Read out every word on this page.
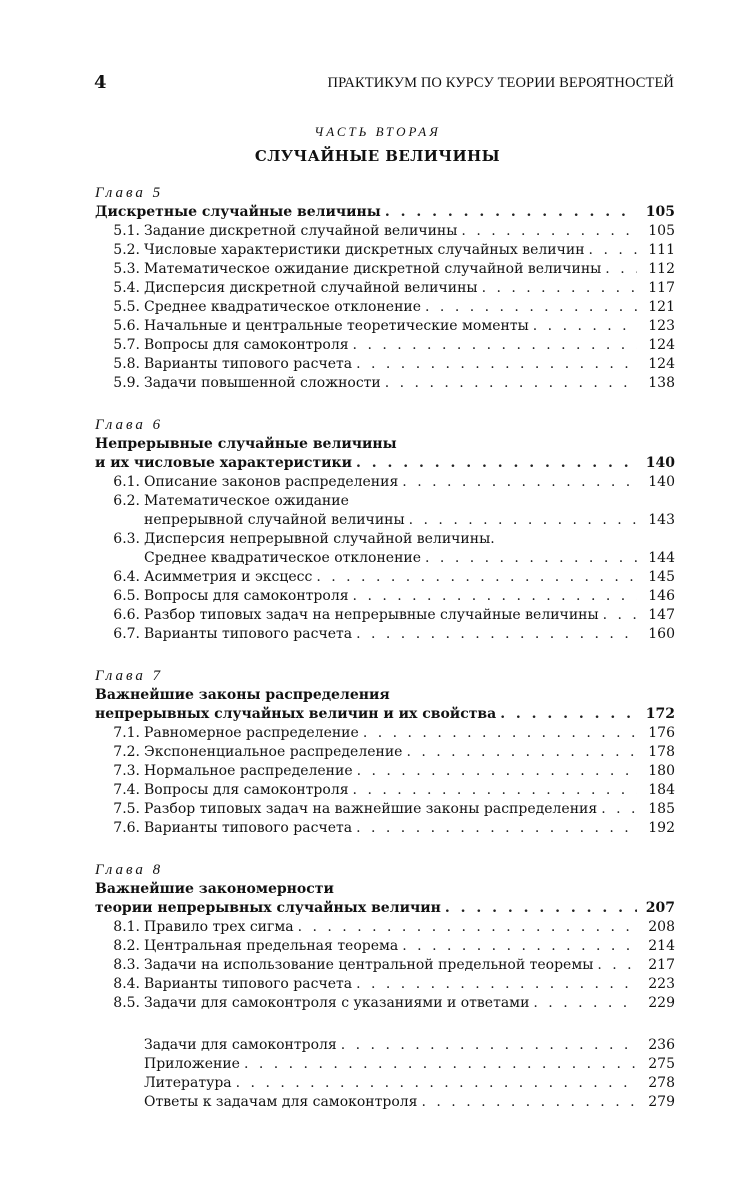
4	ПРАКТИКУМ ПО КУРСУ ТЕОРИИ ВЕРОЯТНОСТЕЙ
ЧАСТЬ ВТОРАЯ
СЛУЧАЙНЫЕ ВЕЛИЧИНЫ
Глава 5
Дискретные случайные величины . . .	105
5.1. Задание дискретной случайной величины . . .	105
5.2. Числовые характеристики дискретных случайных величин . . .	111
5.3. Математическое ожидание дискретной случайной величины . . .	112
5.4. Дисперсия дискретной случайной величины . . .	117
5.5. Среднее квадратическое отклонение . . .	121
5.6. Начальные и центральные теоретические моменты . . .	123
5.7. Вопросы для самоконтроля . . .	124
5.8. Варианты типового расчета . . .	124
5.9. Задачи повышенной сложности . . .	138
Глава 6
Непрерывные случайные величины
и их числовые характеристики . . .	140
6.1. Описание законов распределения . . .	140
6.2. Математическое ожидание
непрерывной случайной величины . . .	143
6.3. Дисперсия непрерывной случайной величины.
Среднее квадратическое отклонение . . .	144
6.4. Асимметрия и эксцесс . . .	145
6.5. Вопросы для самоконтроля . . .	146
6.6. Разбор типовых задач на непрерывные случайные величины . . .	147
6.7. Варианты типового расчета . . .	160
Глава 7
Важнейшие законы распределения
непрерывных случайных величин и их свойства . . .	172
7.1. Равномерное распределение . . .	176
7.2. Экспоненциальное распределение . . .	178
7.3. Нормальное распределение . . .	180
7.4. Вопросы для самоконтроля . . .	184
7.5. Разбор типовых задач на важнейшие законы распределения . . .	185
7.6. Варианты типового расчета . . .	192
Глава 8
Важнейшие закономерности
теории непрерывных случайных величин . . .	207
8.1. Правило трех сигма . . .	208
8.2. Центральная предельная теорема . . .	214
8.3. Задачи на использование центральной предельной теоремы . . .	217
8.4. Варианты типового расчета . . .	223
8.5. Задачи для самоконтроля с указаниями и ответами . . .	229
Задачи для самоконтроля . . .	236
Приложение . . .	275
Литература . . .	278
Ответы к задачам для самоконтроля . . .	279
